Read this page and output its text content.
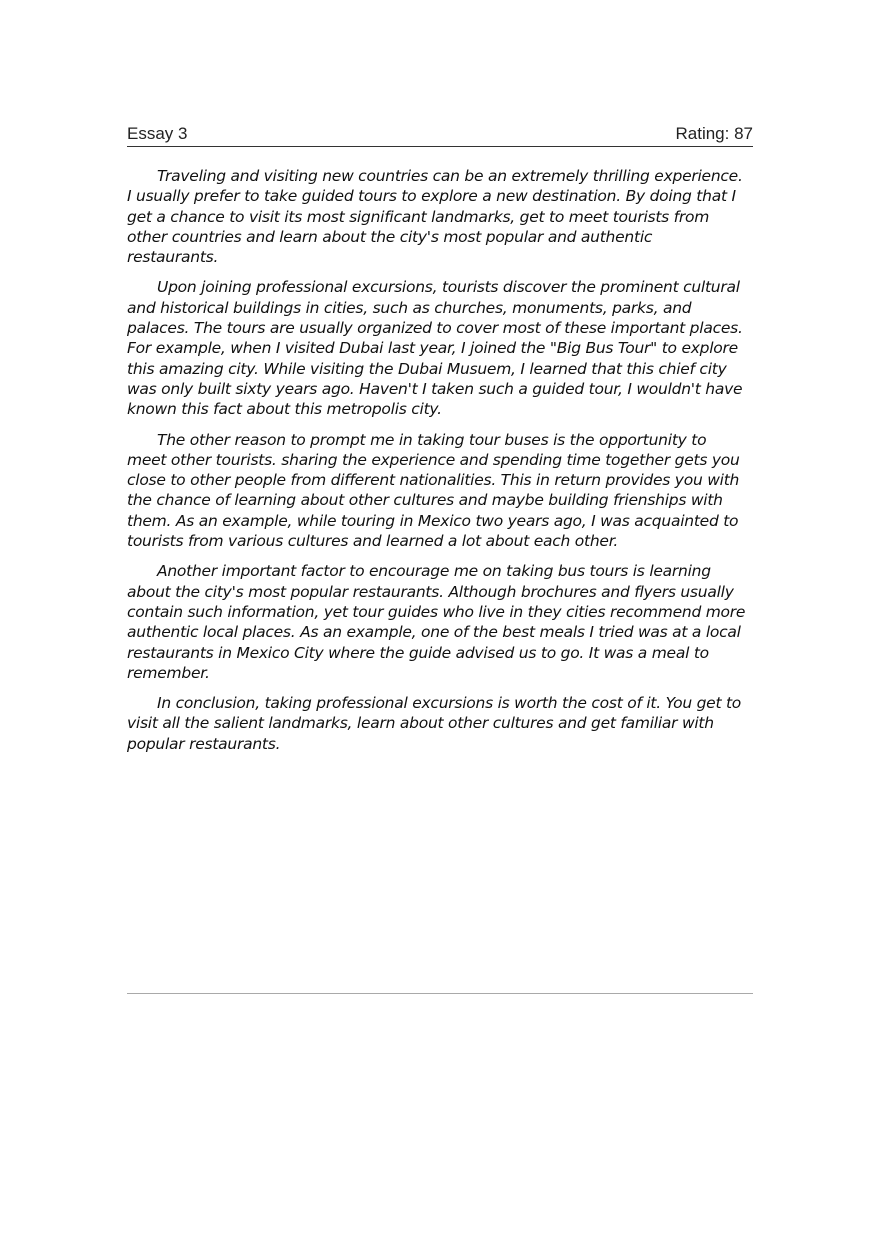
Essay 3	Rating: 87

Traveling and visiting new countries can be an extremely thrilling experience. I usually prefer to take guided tours to explore a new destination. By doing that I get a chance to visit its most significant landmarks, get to meet tourists from other countries and learn about the city's most popular and authentic restaurants.

Upon joining professional excursions, tourists discover the prominent cultural and historical buildings in cities, such as churches, monuments, parks, and palaces. The tours are usually organized to cover most of these important places. For example, when I visited Dubai last year, I joined the "Big Bus Tour" to explore this amazing city. While visiting the Dubai Musuem, I learned that this chief city was only built sixty years ago. Haven't I taken such a guided tour, I wouldn't have known this fact about this metropolis city.

The other reason to prompt me in taking tour buses is the opportunity to meet other tourists. sharing the experience and spending time together gets you close to other people from different nationalities. This in return provides you with the chance of learning about other cultures and maybe building frienships with them. As an example, while touring in Mexico two years ago, I was acquainted to tourists from various cultures and learned a lot about each other.

Another important factor to encourage me on taking bus tours is learning about the city's most popular restaurants. Although brochures and flyers usually contain such information, yet tour guides who live in they cities recommend more authentic local places. As an example, one of the best meals I tried was at a local restaurants in Mexico City where the guide advised us to go. It was a meal to remember.

In conclusion, taking professional excursions is worth the cost of it. You get to visit all the salient landmarks, learn about other cultures and get familiar with popular restaurants.
